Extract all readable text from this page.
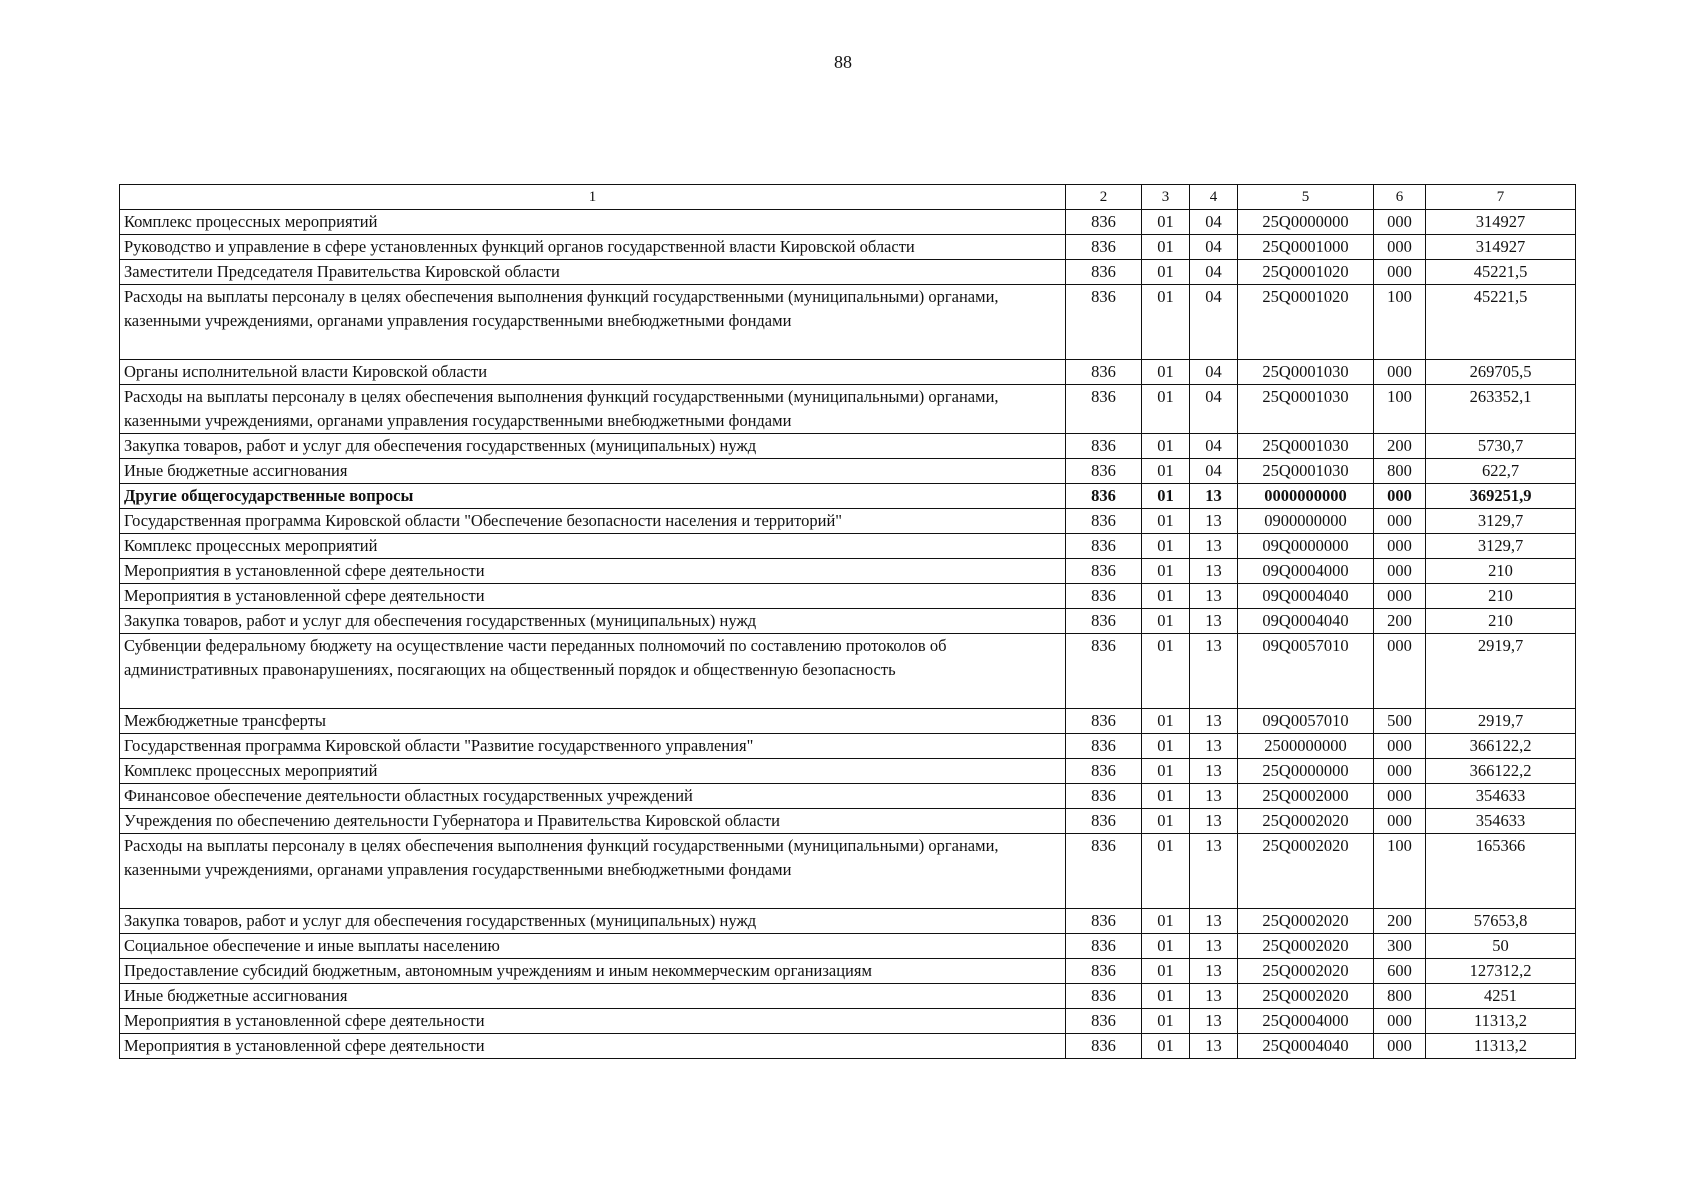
88
1	2	3	4	5	6	7
Комплекс процессных мероприятий	836	01	04	25Q0000000	000	314927
Руководство и управление в сфере установленных функций органов государственной власти Кировской области	836	01	04	25Q0001000	000	314927
Заместители Председателя Правительства Кировской области	836	01	04	25Q0001020	000	45221,5
Расходы на выплаты персоналу в целях обеспечения выполнения функций государственными (муниципальными) органами, казенными учреждениями, органами управления государственными внебюджетными фондами	836	01	04	25Q0001020	100	45221,5
Органы исполнительной власти Кировской области	836	01	04	25Q0001030	000	269705,5
Расходы на выплаты персоналу в целях обеспечения выполнения функций государственными (муниципальными) органами, казенными учреждениями, органами управления государственными внебюджетными фондами	836	01	04	25Q0001030	100	263352,1
Закупка товаров, работ и услуг для обеспечения государственных (муниципальных) нужд	836	01	04	25Q0001030	200	5730,7
Иные бюджетные ассигнования	836	01	04	25Q0001030	800	622,7
Другие общегосударственные вопросы	836	01	13	0000000000	000	369251,9
Государственная программа Кировской области "Обеспечение безопасности населения и территорий"	836	01	13	0900000000	000	3129,7
Комплекс процессных мероприятий	836	01	13	09Q0000000	000	3129,7
Мероприятия в установленной сфере деятельности	836	01	13	09Q0004000	000	210
Мероприятия в установленной сфере деятельности	836	01	13	09Q0004040	000	210
Закупка товаров, работ и услуг для обеспечения государственных (муниципальных) нужд	836	01	13	09Q0004040	200	210
Субвенции федеральному бюджету на осуществление части переданных полномочий по составлению протоколов об административных правонарушениях, посягающих на общественный порядок и общественную безопасность	836	01	13	09Q0057010	000	2919,7
Межбюджетные трансферты	836	01	13	09Q0057010	500	2919,7
Государственная программа Кировской области "Развитие государственного управления"	836	01	13	2500000000	000	366122,2
Комплекс процессных мероприятий	836	01	13	25Q0000000	000	366122,2
Финансовое обеспечение деятельности областных государственных учреждений	836	01	13	25Q0002000	000	354633
Учреждения по обеспечению деятельности Губернатора и Правительства Кировской области	836	01	13	25Q0002020	000	354633
Расходы на выплаты персоналу в целях обеспечения выполнения функций государственными (муниципальными) органами, казенными учреждениями, органами управления государственными внебюджетными фондами	836	01	13	25Q0002020	100	165366
Закупка товаров, работ и услуг для обеспечения государственных (муниципальных) нужд	836	01	13	25Q0002020	200	57653,8
Социальное обеспечение и иные выплаты населению	836	01	13	25Q0002020	300	50
Предоставление субсидий бюджетным, автономным учреждениям и иным некоммерческим организациям	836	01	13	25Q0002020	600	127312,2
Иные бюджетные ассигнования	836	01	13	25Q0002020	800	4251
Мероприятия в установленной сфере деятельности	836	01	13	25Q0004000	000	11313,2
Мероприятия в установленной сфере деятельности	836	01	13	25Q0004040	000	11313,2
